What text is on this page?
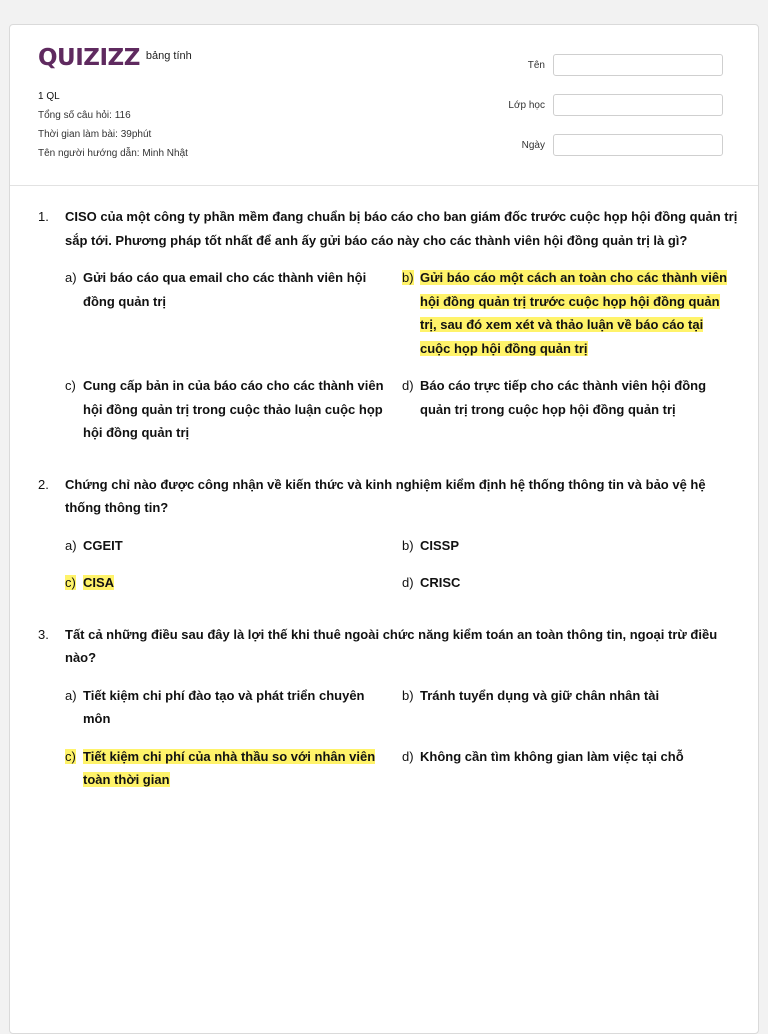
QUIZIZZ bảng tính
1 QL
Tổng số câu hỏi: 116
Thời gian làm bài: 39phút
Tên người hướng dẫn: Minh Nhật
Tên
Lớp học
Ngày
1.	CISO của một công ty phần mềm đang chuẩn bị báo cáo cho ban giám đốc trước cuộc họp hội đồng quản trị sắp tới. Phương pháp tốt nhất để anh ấy gửi báo cáo này cho các thành viên hội đồng quản trị là gì?
a) Gửi báo cáo qua email cho các thành viên hội đồng quản trị
b) Gửi báo cáo một cách an toàn cho các thành viên hội đồng quản trị trước cuộc họp hội đồng quản trị, sau đó xem xét và thảo luận về báo cáo tại cuộc họp hội đồng quản trị
c) Cung cấp bản in của báo cáo cho các thành viên hội đồng quản trị trong cuộc thảo luận cuộc họp hội đồng quản trị
d) Báo cáo trực tiếp cho các thành viên hội đồng quản trị trong cuộc họp hội đồng quản trị
2.	Chứng chỉ nào được công nhận về kiến thức và kinh nghiệm kiểm định hệ thống thông tin và bảo vệ hệ thống thông tin?
a) CGEIT	b) CISSP
c) CISA	d) CRISC
3.	Tất cả những điều sau đây là lợi thế khi thuê ngoài chức năng kiểm toán an toàn thông tin, ngoại trừ điều nào?
a) Tiết kiệm chi phí đào tạo và phát triển chuyên môn
b) Tránh tuyển dụng và giữ chân nhân tài
c) Tiết kiệm chi phí của nhà thầu so với nhân viên toàn thời gian
d) Không cần tìm không gian làm việc tại chỗ
